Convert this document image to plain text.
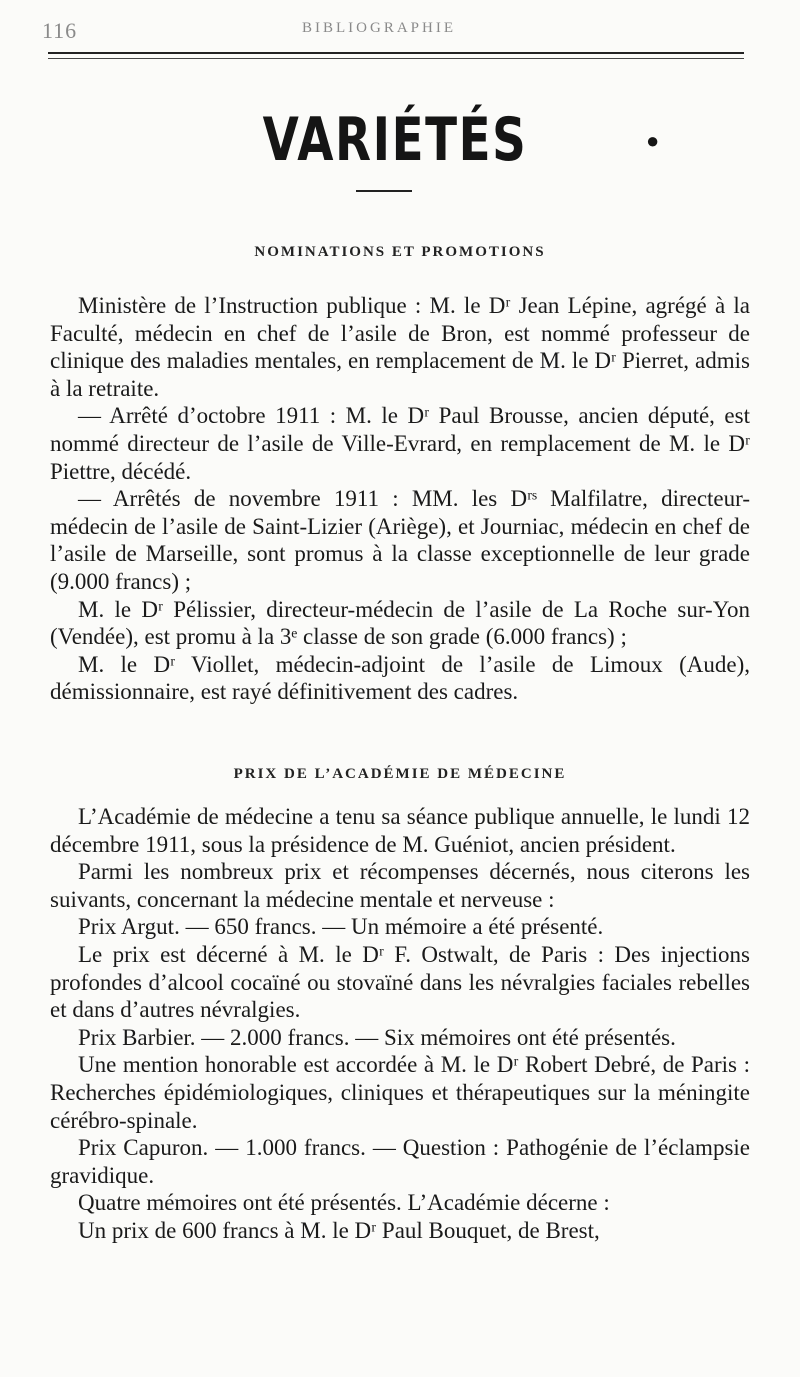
116	BIBLIOGRAPHIE
VARIÉTÉS	●
NOMINATIONS ET PROMOTIONS

Ministère de l’Instruction publique : M. le Dʳ Jean Lépine, agrégé à la Faculté, médecin en chef de l’asile de Bron, est nommé professeur de clinique des maladies mentales, en remplacement de M. le Dʳ Pierret, admis à la retraite.

— Arrêté d’octobre 1911 : M. le Dʳ Paul Brousse, ancien député, est nommé directeur de l’asile de Ville-Evrard, en remplacement de M. le Dʳ Piettre, décédé.

— Arrêtés de novembre 1911 : MM. les Dʳˢ Malfilatre, directeur-médecin de l’asile de Saint-Lizier (Ariège), et Journiac, médecin en chef de l’asile de Marseille, sont promus à la classe exceptionnelle de leur grade (9.000 francs) ;

M. le Dʳ Pélissier, directeur-médecin de l’asile de La Roche sur-Yon (Vendée), est promu à la 3ᵉ classe de son grade (6.000 francs) ;

M. le Dʳ Viollet, médecin-adjoint de l’asile de Limoux (Aude), démissionnaire, est rayé définitivement des cadres.

PRIX DE L’ACADÉMIE DE MÉDECINE

L’Académie de médecine a tenu sa séance publique annuelle, le lundi 12 décembre 1911, sous la présidence de M. Guéniot, ancien président.

Parmi les nombreux prix et récompenses décernés, nous citerons les suivants, concernant la médecine mentale et nerveuse :

Prix Argut. — 650 francs. — Un mémoire a été présenté.

Le prix est décerné à M. le Dʳ F. Ostwalt, de Paris : Des injections profondes d’alcool cocaïné ou stovaïné dans les névralgies faciales rebelles et dans d’autres névralgies.

Prix Barbier. — 2.000 francs. — Six mémoires ont été présentés.

Une mention honorable est accordée à M. le Dʳ Robert Debré, de Paris : Recherches épidémiologiques, cliniques et thérapeutiques sur la méningite cérébro-spinale.

Prix Capuron. — 1.000 francs. — Question : Pathogénie de l’éclampsie gravidique.

Quatre mémoires ont été présentés. L’Académie décerne :

Un prix de 600 francs à M. le Dʳ Paul Bouquet, de Brest,
